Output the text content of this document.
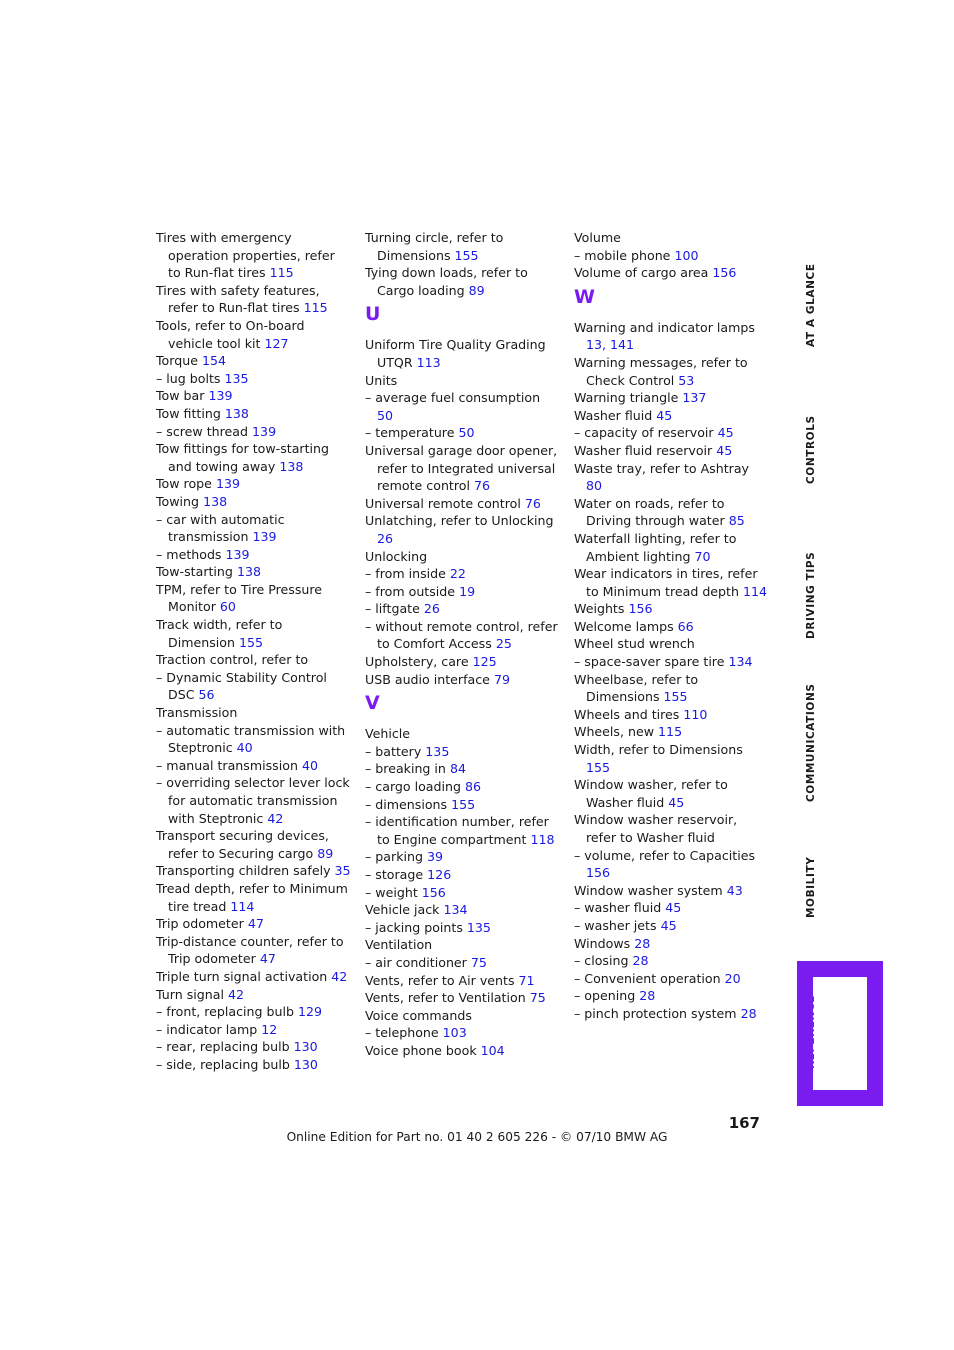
Tires with emergency operation properties, refer to Run-flat tires 115
Tires with safety features, refer to Run-flat tires 115
Tools, refer to On-board vehicle tool kit 127
Torque 154
– lug bolts 135
Tow bar 139
Tow fitting 138
– screw thread 139
Tow fittings for tow-starting and towing away 138
Tow rope 139
Towing 138
– car with automatic transmission 139
– methods 139
Tow-starting 138
TPM, refer to Tire Pressure Monitor 60
Track width, refer to Dimension 155
Traction control, refer to
– Dynamic Stability Control DSC 56
Transmission
– automatic transmission with Steptronic 40
– manual transmission 40
– overriding selector lever lock for automatic transmission with Steptronic 42
Transport securing devices, refer to Securing cargo 89
Transporting children safely 35
Tread depth, refer to Minimum tire tread 114
Trip odometer 47
Trip-distance counter, refer to Trip odometer 47
Triple turn signal activation 42
Turn signal 42
– front, replacing bulb 129
– indicator lamp 12
– rear, replacing bulb 130
– side, replacing bulb 130
Turning circle, refer to Dimensions 155
Tying down loads, refer to Cargo loading 89
U
Uniform Tire Quality Grading UTQR 113
Units
– average fuel consumption 50
– temperature 50
Universal garage door opener, refer to Integrated universal remote control 76
Universal remote control 76
Unlatching, refer to Unlocking 26
Unlocking
– from inside 22
– from outside 19
– liftgate 26
– without remote control, refer to Comfort Access 25
Upholstery, care 125
USB audio interface 79
V
Vehicle
– battery 135
– breaking in 84
– cargo loading 86
– dimensions 155
– identification number, refer to Engine compartment 118
– parking 39
– storage 126
– weight 156
Vehicle jack 134
– jacking points 135
Ventilation
– air conditioner 75
Vents, refer to Air vents 71
Vents, refer to Ventilation 75
Voice commands
– telephone 103
Voice phone book 104
Volume
– mobile phone 100
Volume of cargo area 156
W
Warning and indicator lamps 13, 141
Warning messages, refer to Check Control 53
Warning triangle 137
Washer fluid 45
– capacity of reservoir 45
Washer fluid reservoir 45
Waste tray, refer to Ashtray 80
Water on roads, refer to Driving through water 85
Waterfall lighting, refer to Ambient lighting 70
Wear indicators in tires, refer to Minimum tread depth 114
Weights 156
Welcome lamps 66
Wheel stud wrench
– space-saver spare tire 134
Wheelbase, refer to Dimensions 155
Wheels and tires 110
Wheels, new 115
Width, refer to Dimensions 155
Window washer, refer to Washer fluid 45
Window washer reservoir, refer to Washer fluid
– volume, refer to Capacities 156
Window washer system 43
– washer fluid 45
– washer jets 45
Windows 28
– closing 28
– Convenient operation 20
– opening 28
– pinch protection system 28
AT A GLANCE
CONTROLS
DRIVING TIPS
COMMUNICATIONS
MOBILITY
REFERENCE
167
Online Edition for Part no. 01 40 2 605 226 - © 07/10 BMW AG
